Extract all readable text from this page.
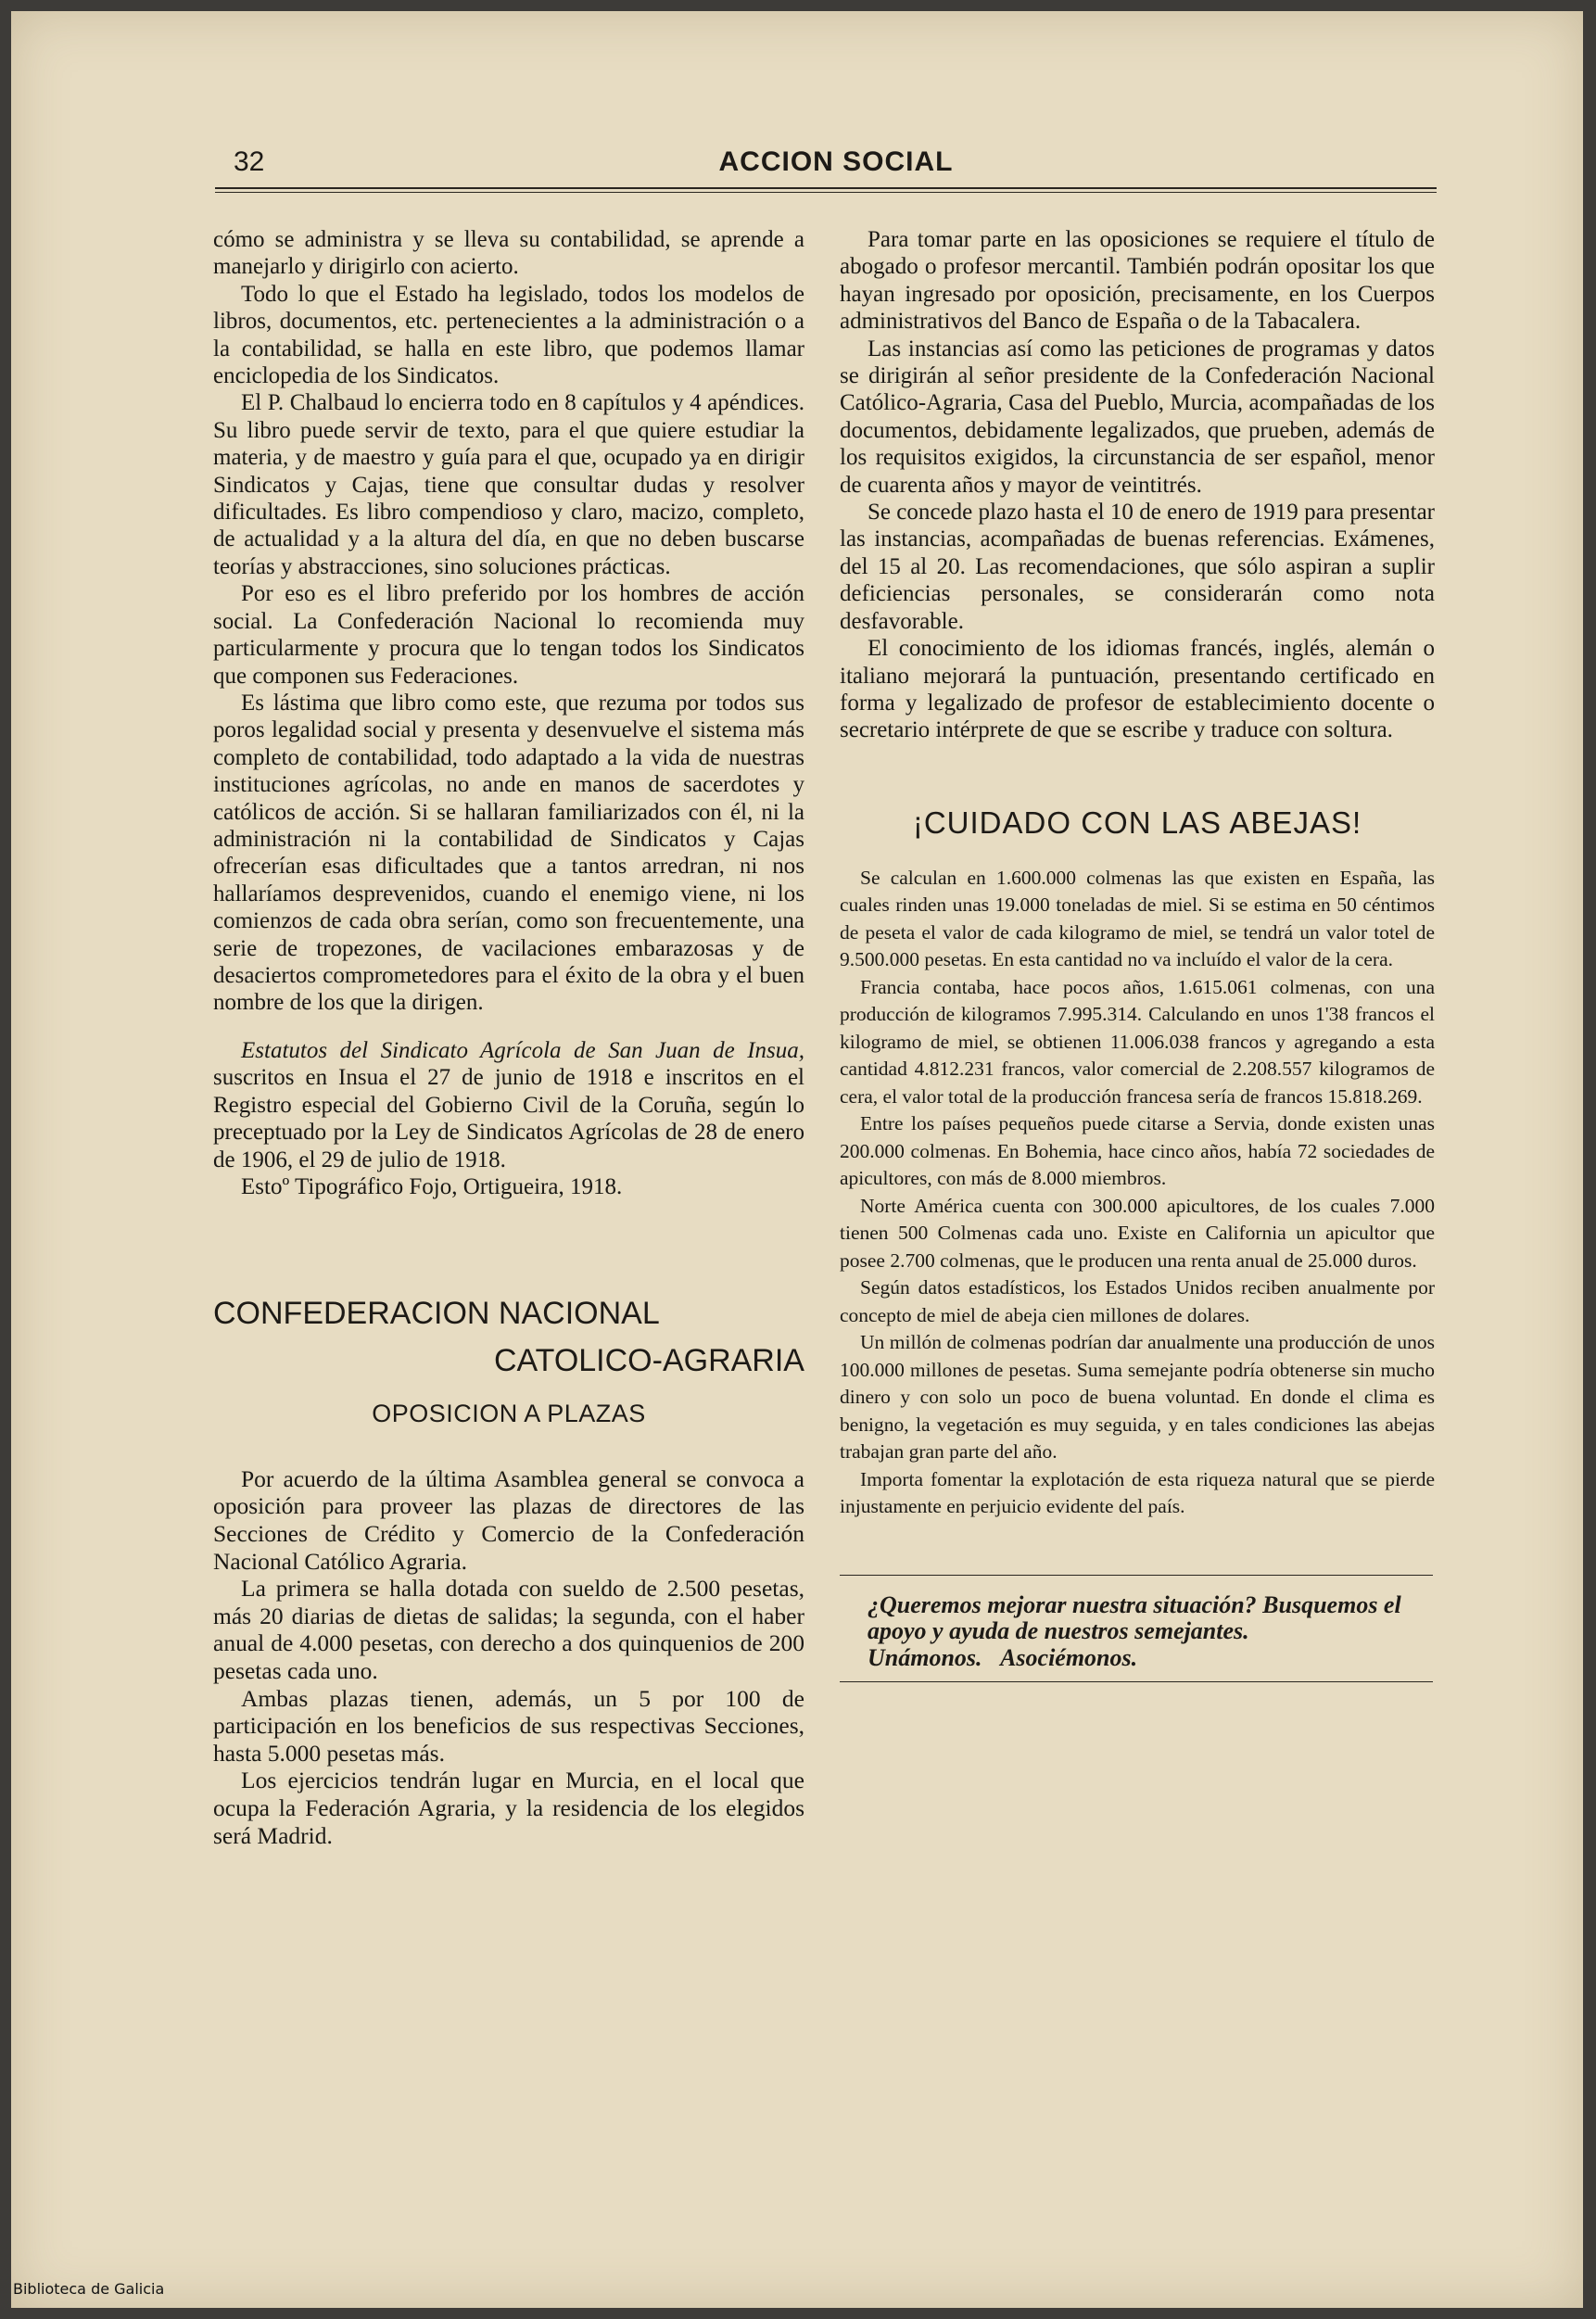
32	ACCION SOCIAL

cómo se administra y se lleva su contabilidad, se aprende a manejarlo y dirigirlo con acierto.

Todo lo que el Estado ha legislado, todos los modelos de libros, documentos, etc. pertenecientes a la administración o a la contabilidad, se halla en este libro, que podemos llamar enciclopedia de los Sindicatos.

El P. Chalbaud lo encierra todo en 8 capítulos y 4 apéndices. Su libro puede servir de texto, para el que quiere estudiar la materia, y de maestro y guía para el que, ocupado ya en dirigir Sindicatos y Cajas, tiene que consultar dudas y resolver dificultades. Es libro compendioso y claro, macizo, completo, de actualidad y a la altura del día, en que no deben buscarse teorías y abstracciones, sino soluciones prácticas.

Por eso es el libro preferido por los hombres de acción social. La Confederación Nacional lo recomienda muy particularmente y procura que lo tengan todos los Sindicatos que componen sus Federaciones.

Es lástima que libro como este, que rezuma por todos sus poros legalidad social y presenta y desenvuelve el sistema más completo de contabilidad, todo adaptado a la vida de nuestras instituciones agrícolas, no ande en manos de sacerdotes y católicos de acción. Si se hallaran familiarizados con él, ni la administración ni la contabilidad de Sindicatos y Cajas ofrecerían esas dificultades que a tantos arredran, ni nos hallaríamos desprevenidos, cuando el enemigo viene, ni los comienzos de cada obra serían, como son frecuentemente, una serie de tropezones, de vacilaciones embarazosas y de desaciertos comprometedores para el éxito de la obra y el buen nombre de los que la dirigen.

Estatutos del Sindicato Agrícola de San Juan de Insua, suscritos en Insua el 27 de junio de 1918 e inscritos en el Registro especial del Gobierno Civil de la Coruña, según lo preceptuado por la Ley de Sindicatos Agrícolas de 28 de enero de 1906, el 29 de julio de 1918.

Estoº Tipográfico Fojo, Ortigueira, 1918.

CONFEDERACION NACIONAL
CATOLICO-AGRARIA
OPOSICION A PLAZAS

Por acuerdo de la última Asamblea general se convoca a oposición para proveer las plazas de directores de las Secciones de Crédito y Comercio de la Confederación Nacional Católico Agraria.

La primera se halla dotada con sueldo de 2.500 pesetas, más 20 diarias de dietas de salidas; la segunda, con el haber anual de 4.000 pesetas, con derecho a dos quinquenios de 200 pesetas cada uno.

Ambas plazas tienen, además, un 5 por 100 de participación en los beneficios de sus respectivas Secciones, hasta 5.000 pesetas más.

Los ejercicios tendrán lugar en Murcia, en el local que ocupa la Federación Agraria, y la residencia de los elegidos será Madrid.

Para tomar parte en las oposiciones se requiere el título de abogado o profesor mercantil. También podrán opositar los que hayan ingresado por oposición, precisamente, en los Cuerpos administrativos del Banco de España o de la Tabacalera.

Las instancias así como las peticiones de programas y datos se dirigirán al señor presidente de la Confederación Nacional Católico-Agraria, Casa del Pueblo, Murcia, acompañadas de los documentos, debidamente legalizados, que prueben, además de los requisitos exigidos, la circunstancia de ser español, menor de cuarenta años y mayor de veintitrés.

Se concede plazo hasta el 10 de enero de 1919 para presentar las instancias, acompañadas de buenas referencias. Exámenes, del 15 al 20. Las recomendaciones, que sólo aspiran a suplir deficiencias personales, se considerarán como nota desfavorable.

El conocimiento de los idiomas francés, inglés, alemán o italiano mejorará la puntuación, presentando certificado en forma y legalizado de profesor de establecimiento docente o secretario intérprete de que se escribe y traduce con soltura.

¡CUIDADO CON LAS ABEJAS!

Se calculan en 1.600.000 colmenas las que existen en España, las cuales rinden unas 19.000 toneladas de miel. Si se estima en 50 céntimos de peseta el valor de cada kilogramo de miel, se tendrá un valor totel de 9.500.000 pesetas. En esta cantidad no va incluído el valor de la cera.

Francia contaba, hace pocos años, 1.615.061 colmenas, con una producción de kilogramos 7.995.314. Calculando en unos 1'38 francos el kilogramo de miel, se obtienen 11.006.038 francos y agregando a esta cantidad 4.812.231 francos, valor comercial de 2.208.557 kilogramos de cera, el valor total de la producción francesa sería de francos 15.818.269.

Entre los países pequeños puede citarse a Servia, donde existen unas 200.000 colmenas. En Bohemia, hace cinco años, había 72 sociedades de apicultores, con más de 8.000 miembros.

Norte América cuenta con 300.000 apicultores, de los cuales 7.000 tienen 500 Colmenas cada uno. Existe en California un apicultor que posee 2.700 colmenas, que le producen una renta anual de 25.000 duros.

Según datos estadísticos, los Estados Unidos reciben anualmente por concepto de miel de abeja cien millones de dolares.

Un millón de colmenas podrían dar anualmente una producción de unos 100.000 millones de pesetas. Suma semejante podría obtenerse sin mucho dinero y con solo un poco de buena voluntad. En donde el clima es benigno, la vegetación es muy seguida, y en tales condiciones las abejas trabajan gran parte del año.

Importa fomentar la explotación de esta riqueza natural que se pierde injustamente en perjuicio evidente del país.

¿Queremos mejorar nuestra situación? Busquemos el apoyo y ayuda de nuestros semejantes.
Unámonos. Asociémonos.
Biblioteca de Galicia
